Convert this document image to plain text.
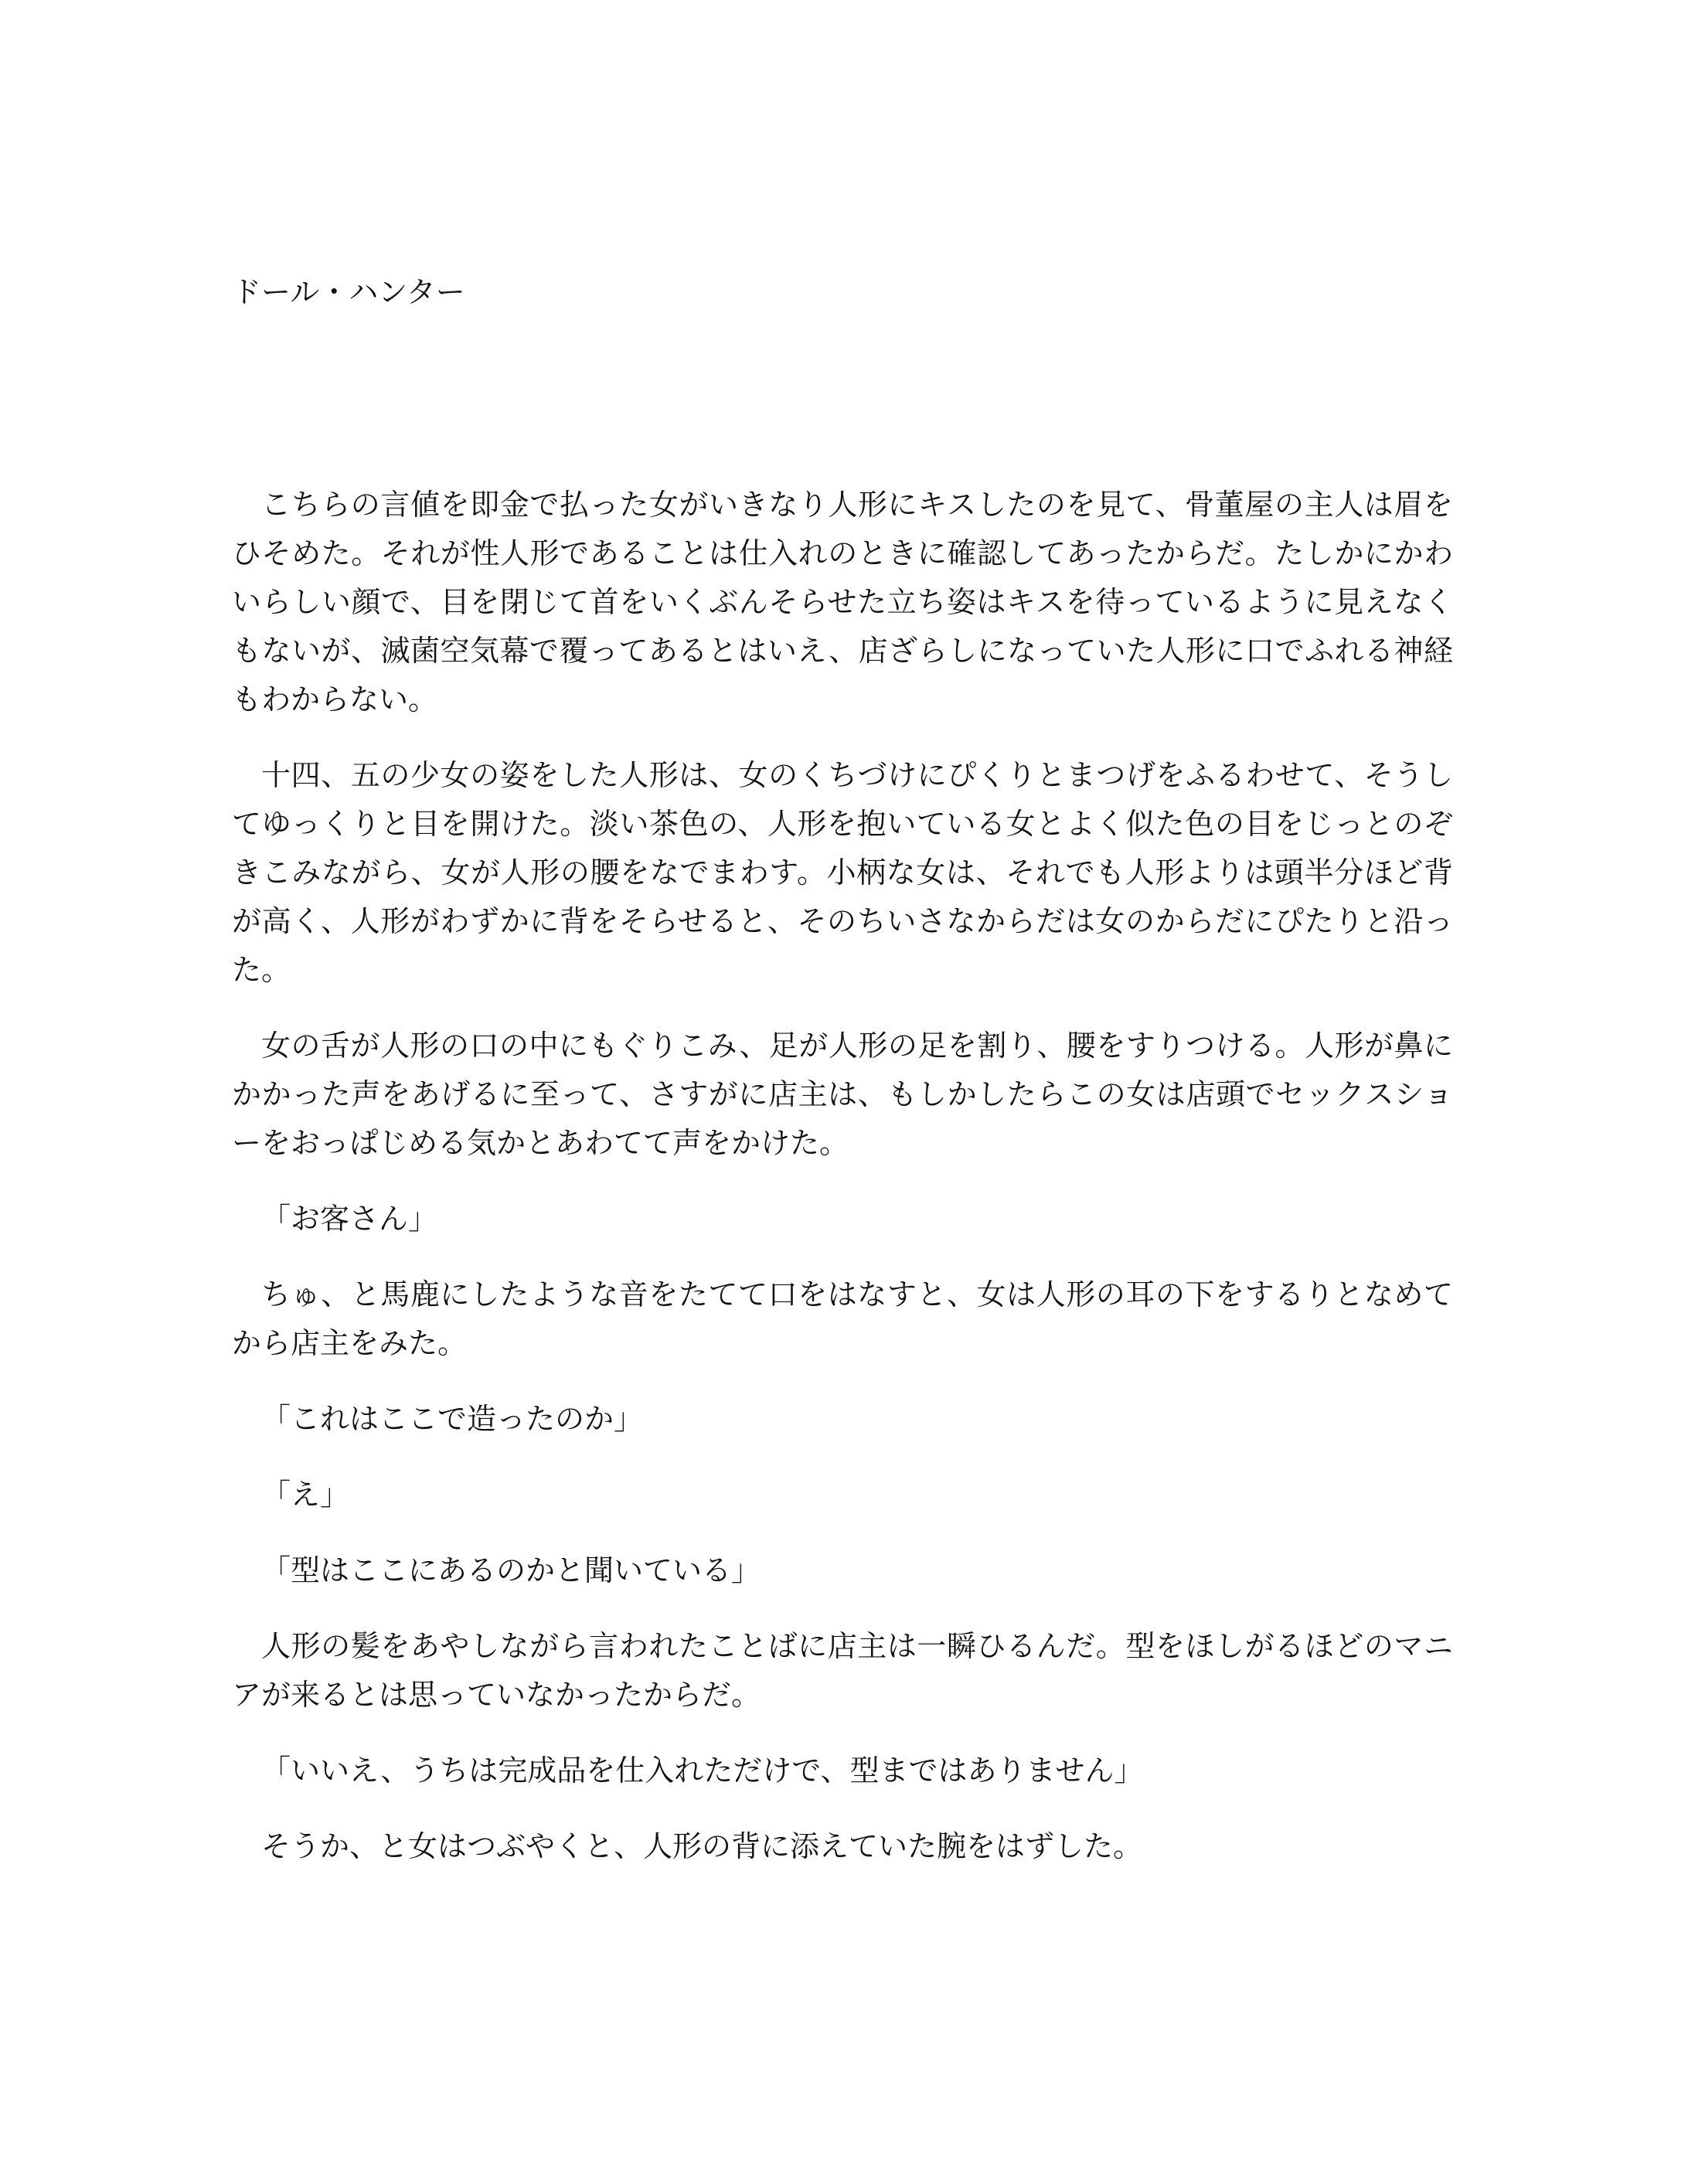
ドール・ハンター

こちらの言値を即金で払った女がいきなり人形にキスしたのを見て、骨董屋の主人は眉をひそめた。それが性人形であることは仕入れのときに確認してあったからだ。たしかにかわいらしい顔で、目を閉じて首をいくぶんそらせた立ち姿はキスを待っているように見えなくもないが、滅菌空気幕で覆ってあるとはいえ、店ざらしになっていた人形に口でふれる神経もわからない。

十四、五の少女の姿をした人形は、女のくちづけにぴくりとまつげをふるわせて、そうしてゆっくりと目を開けた。淡い茶色の、人形を抱いている女とよく似た色の目をじっとのぞきこみながら、女が人形の腰をなでまわす。小柄な女は、それでも人形よりは頭半分ほど背が高く、人形がわずかに背をそらせると、そのちいさなからだは女のからだにぴたりと沿った。

女の舌が人形の口の中にもぐりこみ、足が人形の足を割り、腰をすりつける。人形が鼻にかかった声をあげるに至って、さすがに店主は、もしかしたらこの女は店頭でセックスショーをおっぱじめる気かとあわてて声をかけた。

「お客さん」

ちゅ、と馬鹿にしたような音をたてて口をはなすと、女は人形の耳の下をするりとなめてから店主をみた。

「これはここで造ったのか」

「え」

「型はここにあるのかと聞いている」

人形の髪をあやしながら言われたことばに店主は一瞬ひるんだ。型をほしがるほどのマニアが来るとは思っていなかったからだ。

「いいえ、うちは完成品を仕入れただけで、型まではありません」

そうか、と女はつぶやくと、人形の背に添えていた腕をはずした。
